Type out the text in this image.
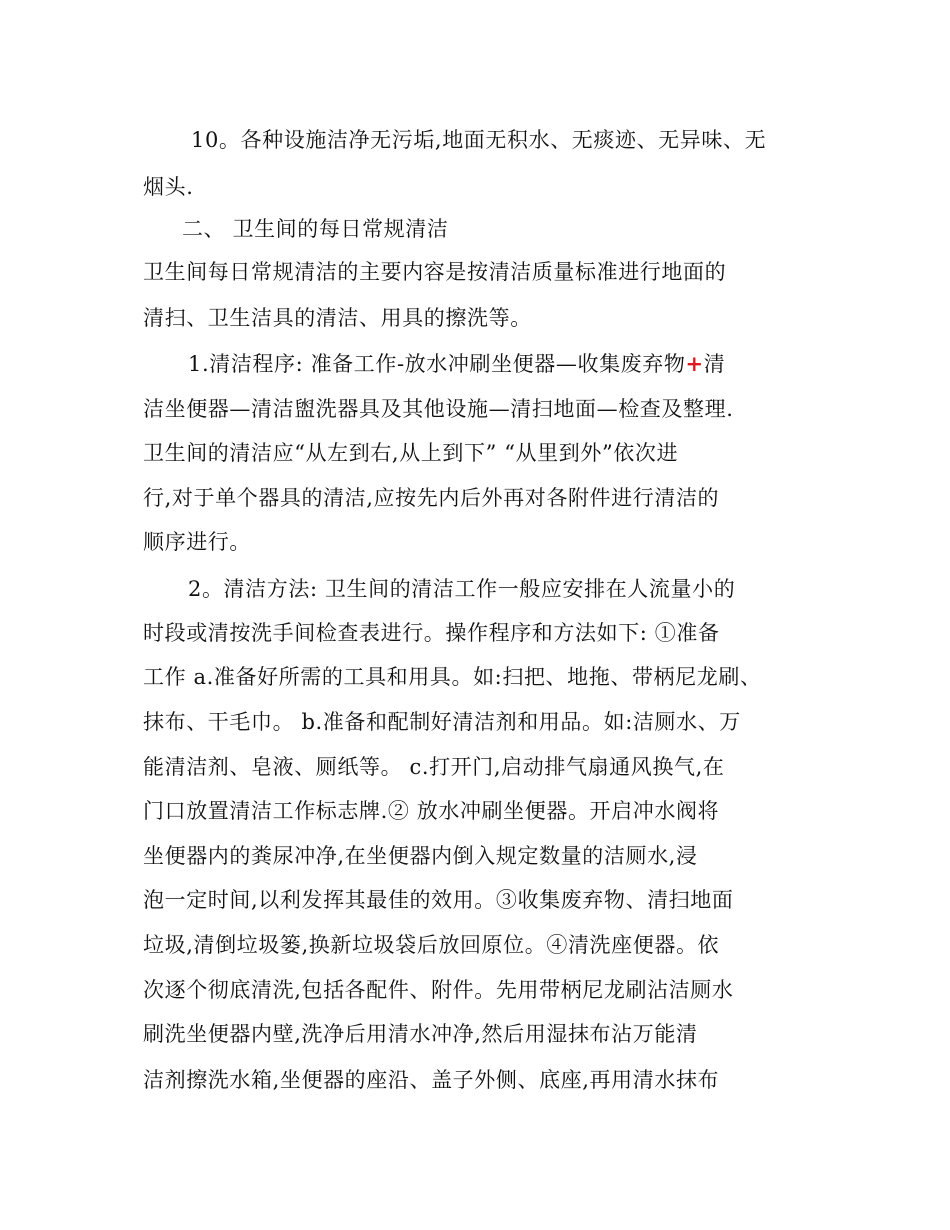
10。各种设施洁净无污垢,地面无积水、无痰迹、无异味、无
烟头.
二、 卫生间的每日常规清洁
卫生间每日常规清洁的主要内容是按清洁质量标准进行地面的
清扫、卫生洁具的清洁、用具的擦洗等。
1.清洁程序: 准备工作-放水冲刷坐便器—收集废弃物+清
洁坐便器—清洁盥洗器具及其他设施—清扫地面—检查及整理.
卫生间的清洁应“从左到右,从上到下” “从里到外”依次进
行,对于单个器具的清洁,应按先内后外再对各附件进行清洁的
顺序进行。
2。清洁方法: 卫生间的清洁工作一般应安排在人流量小的
时段或清按洗手间检查表进行。操作程序和方法如下: ①准备
工作 a.准备好所需的工具和用具。如:扫把、地拖、带柄尼龙刷、
抹布、干毛巾。 b.准备和配制好清洁剂和用品。如:洁厕水、万
能清洁剂、皂液、厕纸等。 c.打开门,启动排气扇通风换气,在
门口放置清洁工作标志牌.② 放水冲刷坐便器。开启冲水阀将
坐便器内的粪尿冲净,在坐便器内倒入规定数量的洁厕水,浸
泡一定时间,以利发挥其最佳的效用。③收集废弃物、清扫地面
垃圾,清倒垃圾篓,换新垃圾袋后放回原位。④清洗座便器。依
次逐个彻底清洗,包括各配件、附件。先用带柄尼龙刷沾洁厕水
刷洗坐便器内壁,洗净后用清水冲净,然后用湿抹布沾万能清
洁剂擦洗水箱,坐便器的座沿、盖子外侧、底座,再用清水抹布
